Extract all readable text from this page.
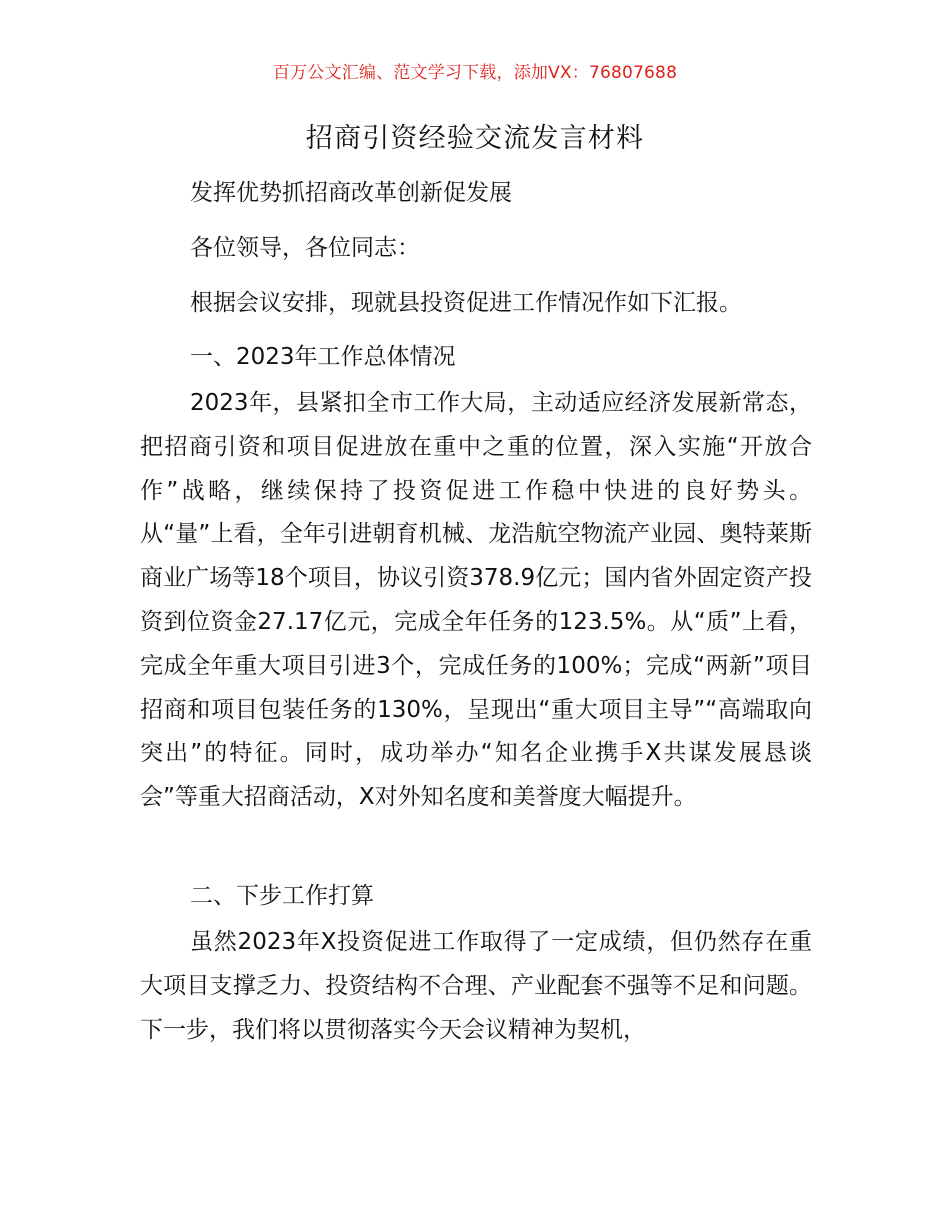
百万公文汇编、范文学习下载，添加VX：76807688
招商引资经验交流发言材料
发挥优势抓招商改革创新促发展
各位领导，各位同志：
根据会议安排，现就县投资促进工作情况作如下汇报。
一、2023年工作总体情况

2023年，县紧扣全市工作大局，主动适应经济发展新常态，把招商引资和项目促进放在重中之重的位置，深入实施“开放合作”战略，继续保持了投资促进工作稳中快进的良好势头。从“量”上看，全年引进朝育机械、龙浩航空物流产业园、奥特莱斯商业广场等18个项目，协议引资378.9亿元；国内省外固定资产投资到位资金27.17亿元，完成全年任务的123.5%。从“质”上看，完成全年重大项目引进3个，完成任务的100%；完成“两新”项目招商和项目包装任务的130%，呈现出“重大项目主导”“高端取向突出”的特征。同时，成功举办“知名企业携手X共谋发展恳谈会”等重大招商活动，X对外知名度和美誉度大幅提升。

二、下步工作打算

虽然2023年X投资促进工作取得了一定成绩，但仍然存在重大项目支撑乏力、投资结构不合理、产业配套不强等不足和问题。下一步，我们将以贯彻落实今天会议精神为契机，
